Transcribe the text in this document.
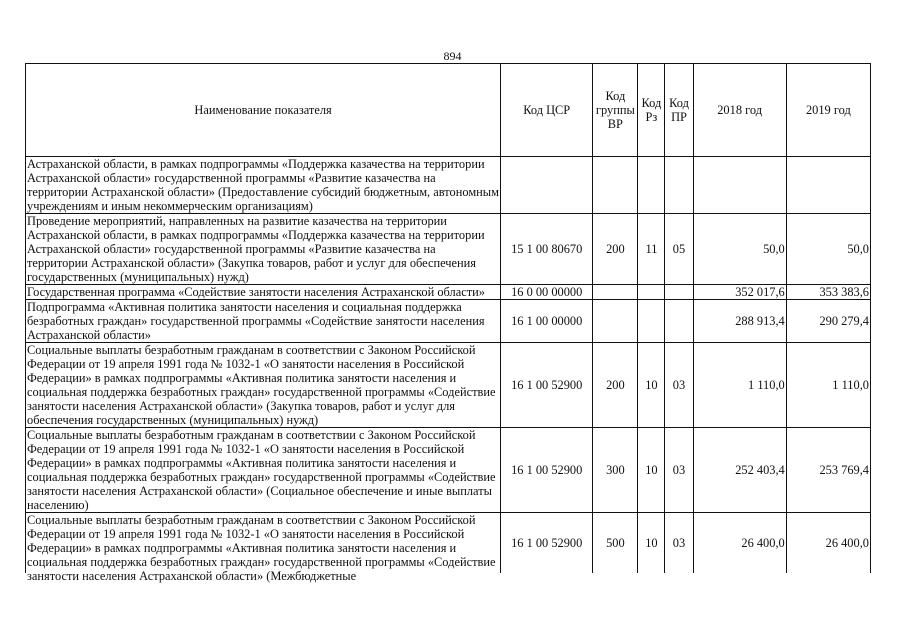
894
Наименование показателя	Код ЦСР	Код группы ВР	Код Рз	Код ПР	2018 год	2019 год
Астраханской области, в рамках подпрограммы «Поддержка казачества на территории Астраханской области» государственной программы «Развитие казачества на территории Астраханской области» (Предоставление субсидий бюджетным, автономным учреждениям и иным некоммерческим организациям)						
Проведение мероприятий, направленных на развитие казачества на территории Астраханской области, в рамках подпрограммы «Поддержка казачества на территории Астраханской области» государственной программы «Развитие казачества на территории Астраханской области» (Закупка товаров, работ и услуг для обеспечения государственных (муниципальных) нужд)	15 1 00 80670	200	11	05	50,0	50,0
Государственная программа «Содействие занятости населения Астраханской области»	16 0 00 00000				352 017,6	353 383,6
Подпрограмма «Активная политика занятости населения и социальная поддержка безработных граждан» государственной программы «Содействие занятости населения Астраханской области»	16 1 00 00000				288 913,4	290 279,4
Социальные выплаты безработным гражданам в соответствии с Законом Российской Федерации от 19 апреля 1991 года № 1032-1 «О занятости населения в Российской Федерации» в рамках подпрограммы «Активная политика занятости населения и социальная поддержка безработных граждан» государственной программы «Содействие занятости населения Астраханской области» (Закупка товаров, работ и услуг для обеспечения государственных (муниципальных) нужд)	16 1 00 52900	200	10	03	1 110,0	1 110,0
Социальные выплаты безработным гражданам в соответствии с Законом Российской Федерации от 19 апреля 1991 года № 1032-1 «О занятости населения в Российской Федерации» в рамках подпрограммы «Активная политика занятости населения и социальная поддержка безработных граждан» государственной программы «Содействие занятости населения Астраханской области» (Социальное обеспечение и иные выплаты населению)	16 1 00 52900	300	10	03	252 403,4	253 769,4

Социальные выплаты безработным гражданам в соответствии с Законом Российской Федерации от 19 апреля 1991 года № 1032-1 «О занятости населения в Российской Федерации» в рамках подпрограммы «Активная политика занятости населения и социальная поддержка безработных граждан» государственной программы «Содействие занятости населения Астраханской области» (Межбюджетные	16 1 00 52900	500	10	03	26 400,0	26 400,0
